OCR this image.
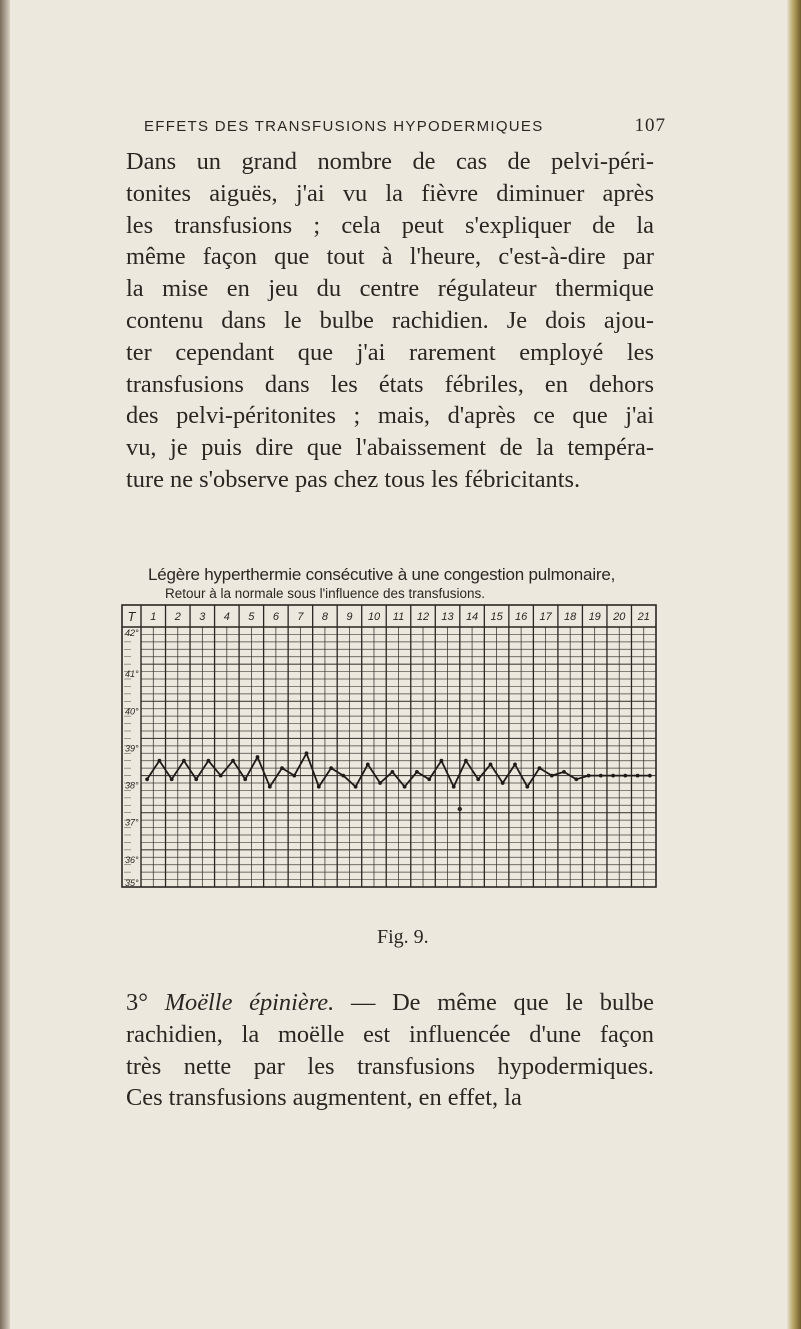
EFFETS DES TRANSFUSIONS HYPODERMIQUES	107
Dans un grand nombre de cas de pelvi-péri-
tonites aiguës, j'ai vu la fièvre diminuer après
les transfusions ; cela peut s'expliquer de la
même façon que tout à l'heure, c'est-à-dire par
la mise en jeu du centre régulateur thermique
contenu dans le bulbe rachidien. Je dois ajou-
ter cependant que j'ai rarement employé les
transfusions dans les états fébriles, en dehors
des pelvi-péritonites ; mais, d'après ce que j'ai
vu, je puis dire que l'abaissement de la tempéra-
ture ne s'observe pas chez tous les fébricitants.
Légère hyperthermie consécutive à une congestion pulmonaire,
Retour à la normale sous l'influence des transfusions.
1 2 3 4 5 6 7 8 9 10 11 12 13 14 15 16 17 18 19 20 21
T
42°
41°
40°
39°
38°
37°
36°
35°
Fig. 9.
3° Moëlle épinière. — De même que le bulbe
rachidien, la moëlle est influencée d'une façon
très nette par les transfusions hypodermiques.
Ces transfusions augmentent, en effet, la
